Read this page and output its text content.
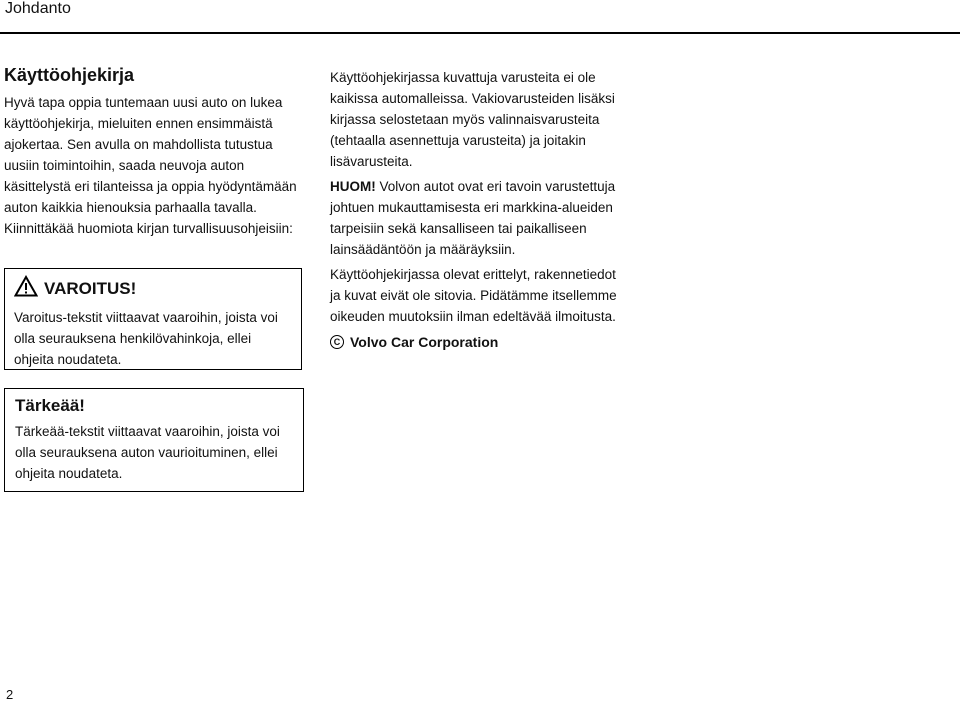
Johdanto
Käyttöohjekirja

Hyvä tapa oppia tuntemaan uusi auto on lukea käyttöohjekirja, mieluiten ennen ensimmäistä ajokertaa. Sen avulla on mahdollista tutustua uusiin toimintoihin, saada neuvoja auton käsittelystä eri tilanteissa ja oppia hyödyntämään auton kaikkia hienouksia parhaalla tavalla.

Kiinnittäkää huomiota kirjan turvallisuusohjeisiin:

VAROITUS!

Varoitus-tekstit viittaavat vaaroihin, joista voi olla seurauksena henkilövahinkoja, ellei ohjeita noudateta.

Tärkeää!

Tärkeää-tekstit viittaavat vaaroihin, joista voi olla seurauksena auton vaurioituminen, ellei ohjeita noudateta.

Käyttöohjekirjassa kuvattuja varusteita ei ole kaikissa automalleissa. Vakiovarusteiden lisäksi kirjassa selostetaan myös valinnaisvarusteita (tehtaalla asennettuja varusteita) ja joitakin lisävarusteita.

HUOM! Volvon autot ovat eri tavoin varustettuja johtuen mukauttamisesta eri markkina-alueiden tarpeisiin sekä kansalliseen tai paikalliseen lainsäädäntöön ja määräyksiin.

Käyttöohjekirjassa olevat erittelyt, rakennetiedot ja kuvat eivät ole sitovia. Pidätämme itsellemme oikeuden muutoksiin ilman edeltävää ilmoitusta.

C Volvo Car Corporation
2
